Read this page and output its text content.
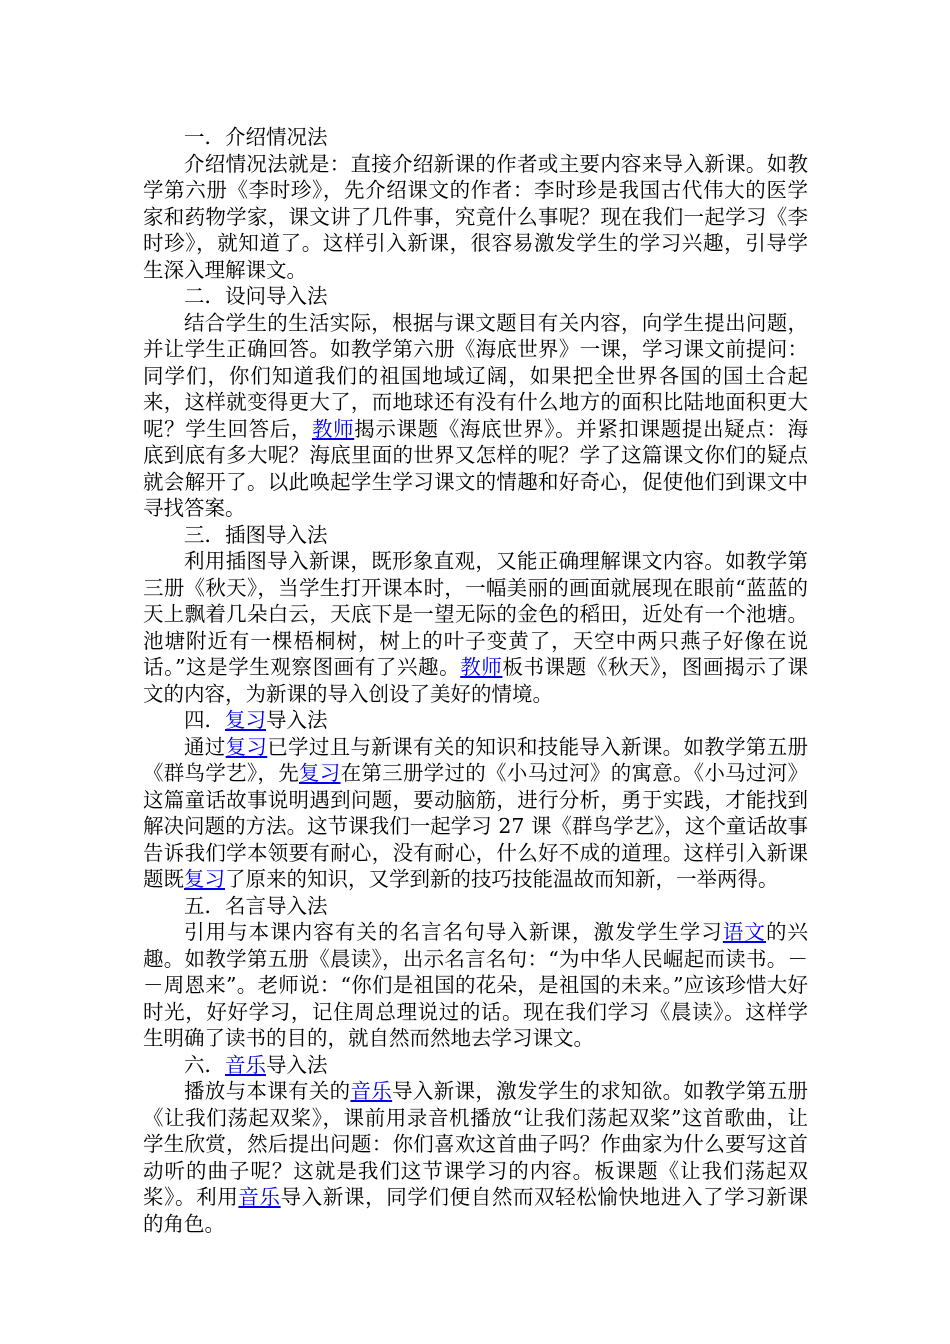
一．介绍情况法

介绍情况法就是：直接介绍新课的作者或主要内容来导入新课。如教学第六册《李时珍》，先介绍课文的作者：李时珍是我国古代伟大的医学家和药物学家，课文讲了几件事，究竟什么事呢？现在我们一起学习《李时珍》，就知道了。这样引入新课，很容易激发学生的学习兴趣，引导学生深入理解课文。

二．设问导入法

结合学生的生活实际，根据与课文题目有关内容，向学生提出问题，并让学生正确回答。如教学第六册《海底世界》一课，学习课文前提问：同学们，你们知道我们的祖国地域辽阔，如果把全世界各国的国土合起来，这样就变得更大了，而地球还有没有什么地方的面积比陆地面积更大呢？学生回答后，教师揭示课题《海底世界》。并紧扣课题提出疑点：海底到底有多大呢？海底里面的世界又怎样的呢？学了这篇课文你们的疑点就会解开了。以此唤起学生学习课文的情趣和好奇心，促使他们到课文中寻找答案。

三．插图导入法

利用插图导入新课，既形象直观，又能正确理解课文内容。如教学第三册《秋天》，当学生打开课本时，一幅美丽的画面就展现在眼前“蓝蓝的天上飘着几朵白云，天底下是一望无际的金色的稻田，近处有一个池塘。池塘附近有一棵梧桐树，树上的叶子变黄了，天空中两只燕子好像在说话。”这是学生观察图画有了兴趣。教师板书课题《秋天》，图画揭示了课文的内容，为新课的导入创设了美好的情境。

四．复习导入法

通过复习已学过且与新课有关的知识和技能导入新课。如教学第五册《群鸟学艺》，先复习在第三册学过的《小马过河》的寓意。《小马过河》这篇童话故事说明遇到问题，要动脑筋，进行分析，勇于实践，才能找到解决问题的方法。这节课我们一起学习 27 课《群鸟学艺》，这个童话故事告诉我们学本领要有耐心，没有耐心，什么好不成的道理。这样引入新课题既复习了原来的知识，又学到新的技巧技能温故而知新，一举两得。

五．名言导入法

引用与本课内容有关的名言名句导入新课，激发学生学习语文的兴趣。如教学第五册《晨读》，出示名言名句：“为中华人民崛起而读书。－－周恩来”。老师说：“你们是祖国的花朵，是祖国的未来。”应该珍惜大好时光，好好学习，记住周总理说过的话。现在我们学习《晨读》。这样学生明确了读书的目的，就自然而然地去学习课文。

六．音乐导入法

播放与本课有关的音乐导入新课，激发学生的求知欲。如教学第五册《让我们荡起双桨》，课前用录音机播放“让我们荡起双桨”这首歌曲，让学生欣赏，然后提出问题：你们喜欢这首曲子吗？作曲家为什么要写这首动听的曲子呢？这就是我们这节课学习的内容。板课题《让我们荡起双桨》。利用音乐导入新课，同学们便自然而双轻松愉快地进入了学习新课的角色。
